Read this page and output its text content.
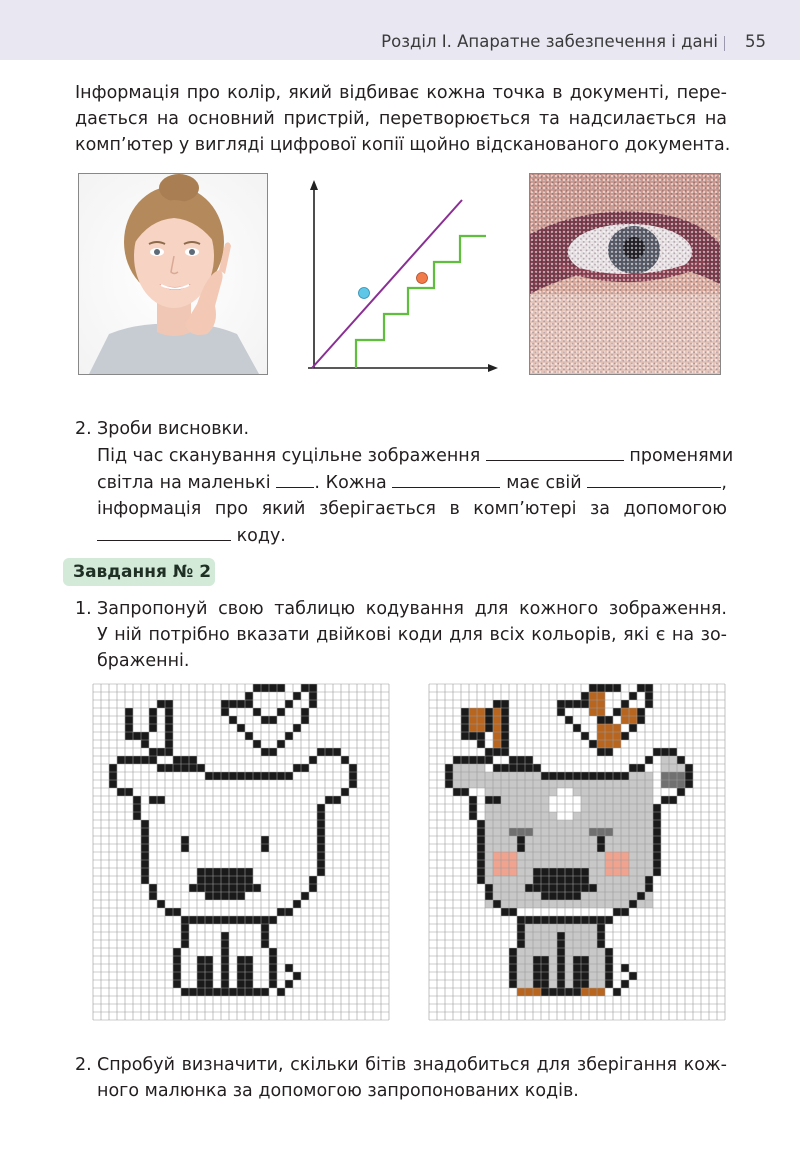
Розділ І. Апаратне забезпечення і дані 55
Інформація про колір, який відбиває кожна точка в документі, пере-
дається на основний пристрій, перетворюється та надсилається на
комп’ютер у вигляді цифрової копії щойно відсканованого документа.
2. Зроби висновки.
Під час сканування суцільне зображення	променями
світла на маленькі	. Кожна	має свій	,
інформація про який зберігається в комп’ютері за допомогою
коду.
Завдання № 2
1. Запропонуй свою таблицю кодування для кожного зображення.
У ній потрібно вказати двійкові коди для всіх кольорів, які є на зо-
браженні.
2. Спробуй визначити, скільки бітів знадобиться для зберігання кож-
ного малюнка за допомогою запропонованих кодів.
